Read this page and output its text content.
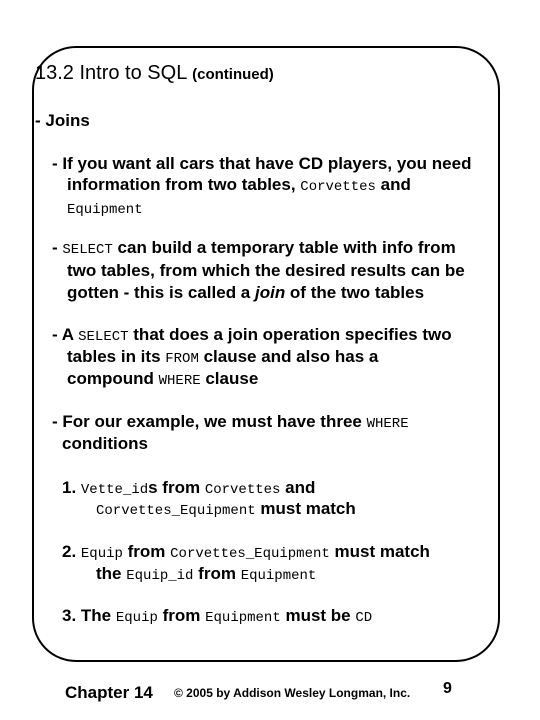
13.2 Intro to SQL (continued)
- Joins
- If you want all cars that have CD players, you need
information from two tables, Corvettes and
Equipment
- SELECT can build a temporary table with info from
two tables, from which the desired results can be
gotten - this is called a join of the two tables
- A SELECT that does a join operation specifies two
tables in its FROM clause and also has a
compound WHERE clause
- For our example, we must have three WHERE
conditions
1. Vette_ids from Corvettes and
Corvettes_Equipment must match
2. Equip from Corvettes_Equipment must match
the Equip_id from Equipment
3. The Equip from Equipment must be CD
Chapter 14 © 2005 by Addison Wesley Longman, Inc. 9
